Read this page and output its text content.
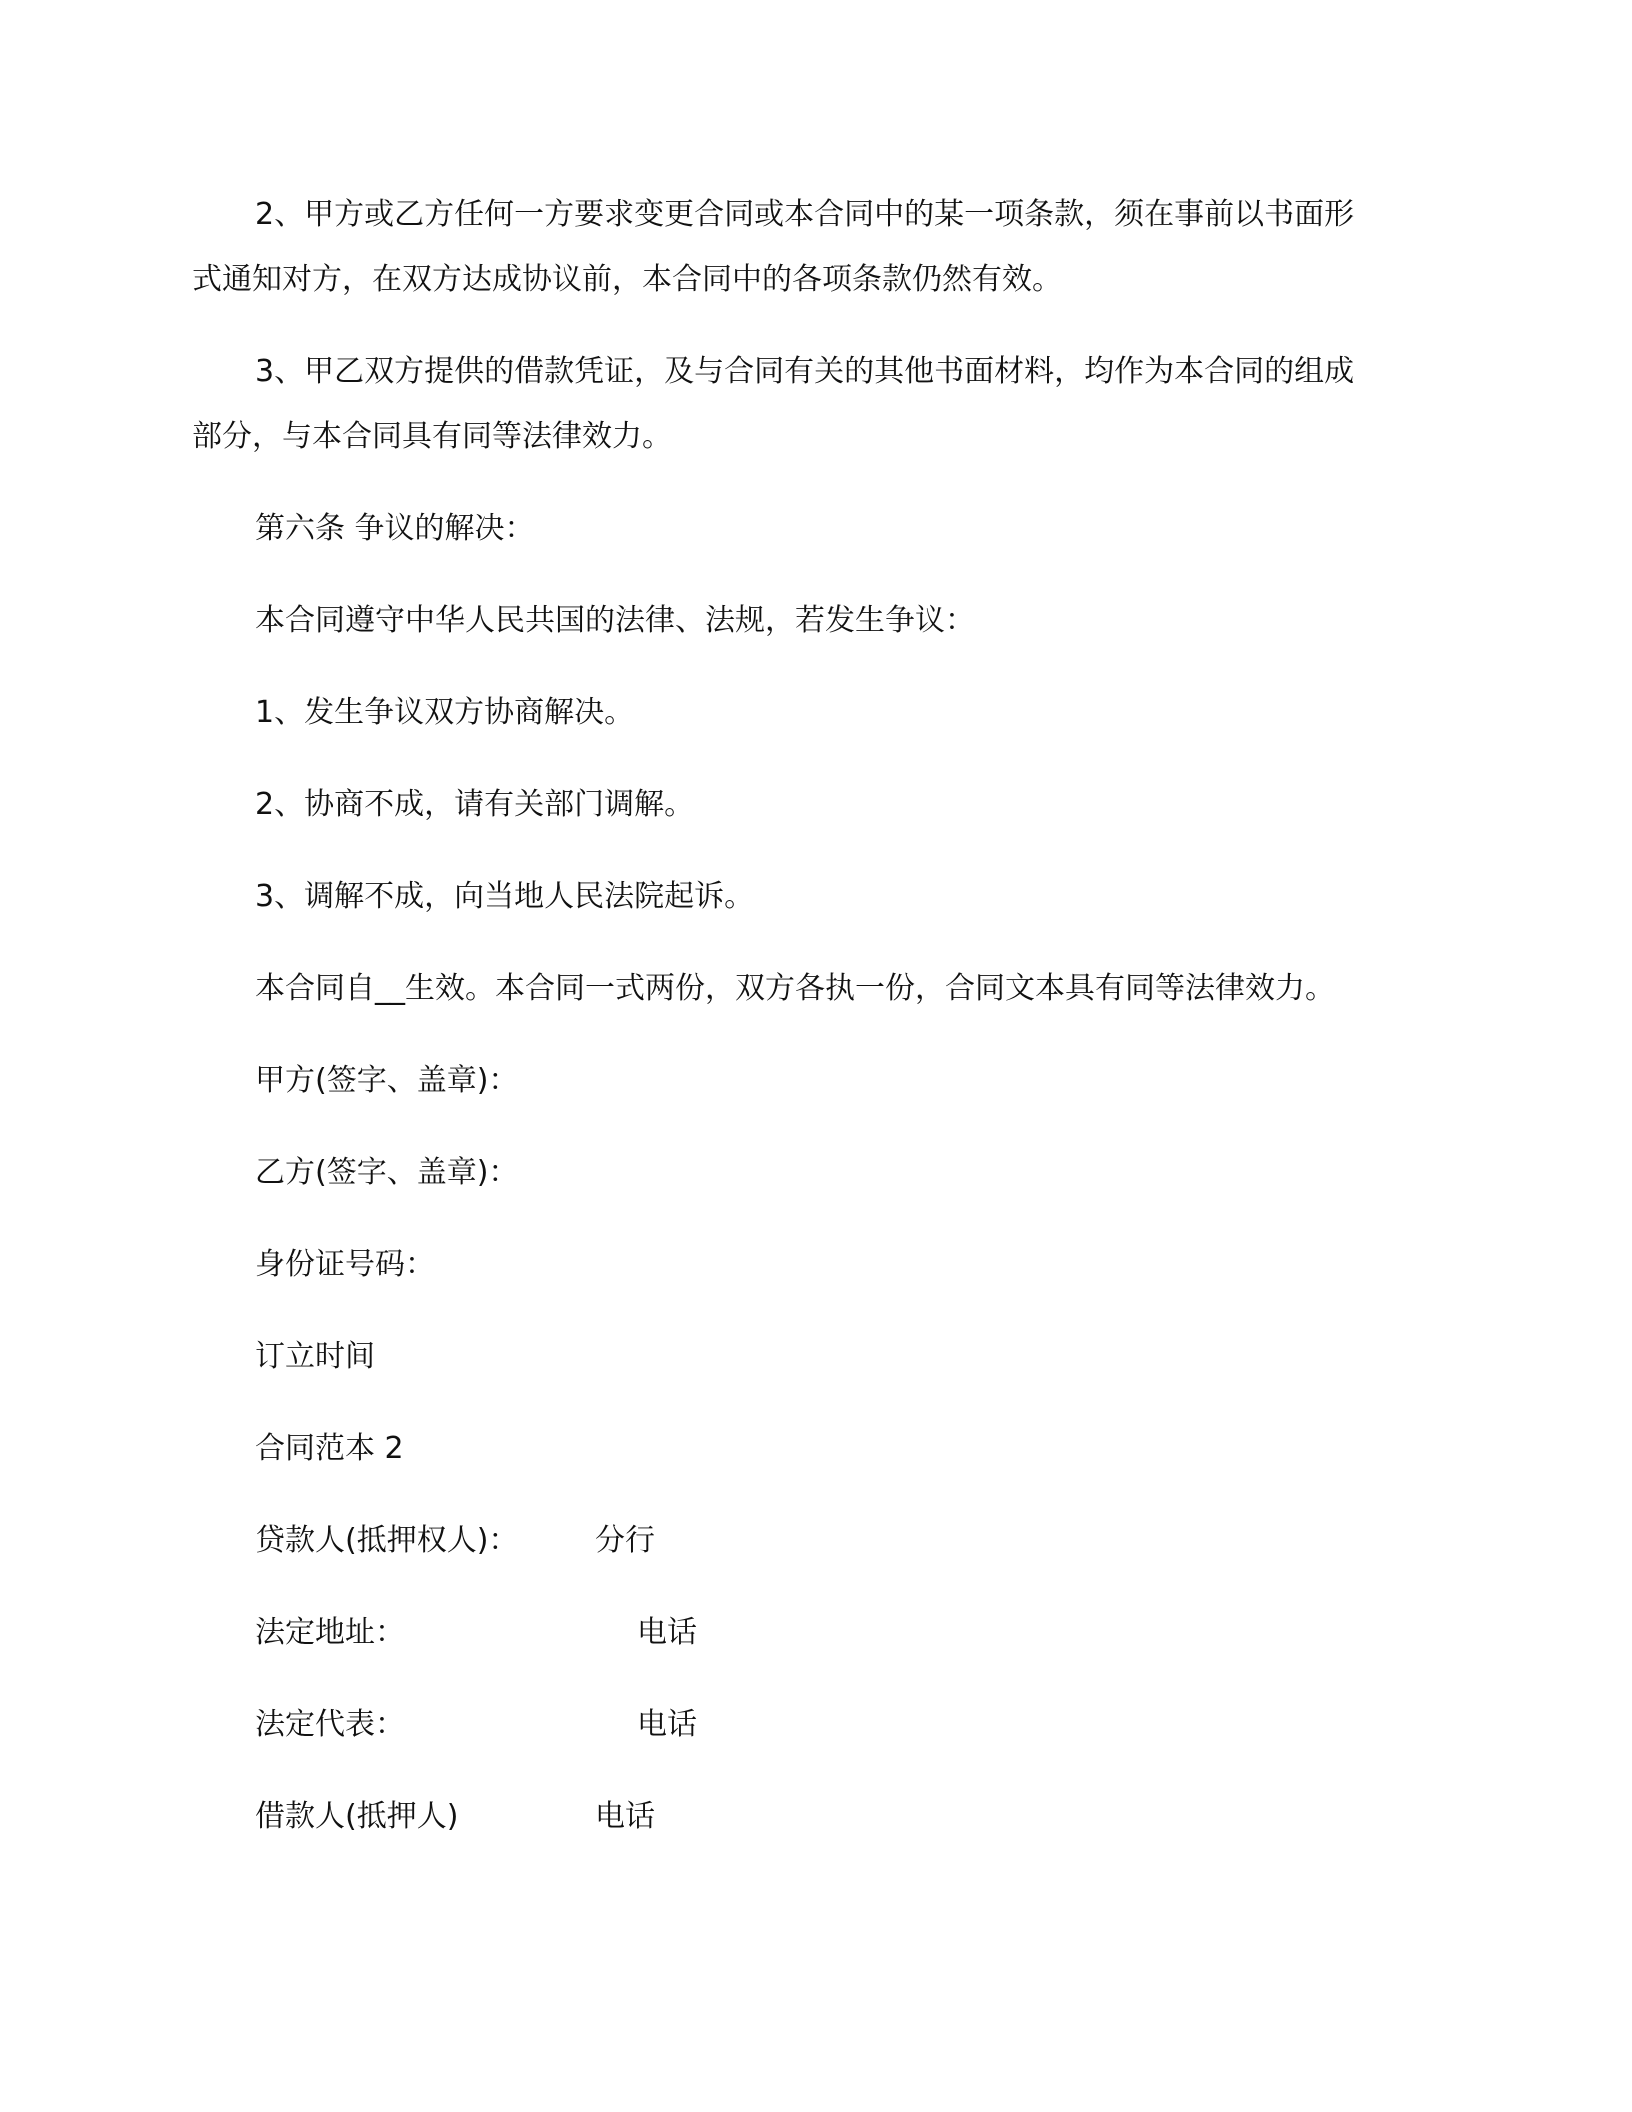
2、甲方或乙方任何一方要求变更合同或本合同中的某一项条款，须在事前以书面形
式通知对方，在双方达成协议前，本合同中的各项条款仍然有效。
3、甲乙双方提供的借款凭证，及与合同有关的其他书面材料，均作为本合同的组成
部分，与本合同具有同等法律效力。
第六条 争议的解决：
本合同遵守中华人民共国的法律、法规，若发生争议：
1、发生争议双方协商解决。
2、协商不成，请有关部门调解。
3、调解不成，向当地人民法院起诉。
本合同自__生效。本合同一式两份，双方各执一份，合同文本具有同等法律效力。
甲方(签字、盖章)：
乙方(签字、盖章)：
身份证号码：
订立时间
合同范本 2
贷款人(抵押权人)：	分行
法定地址：	电话
法定代表：	电话
借款人(抵押人)	电话
